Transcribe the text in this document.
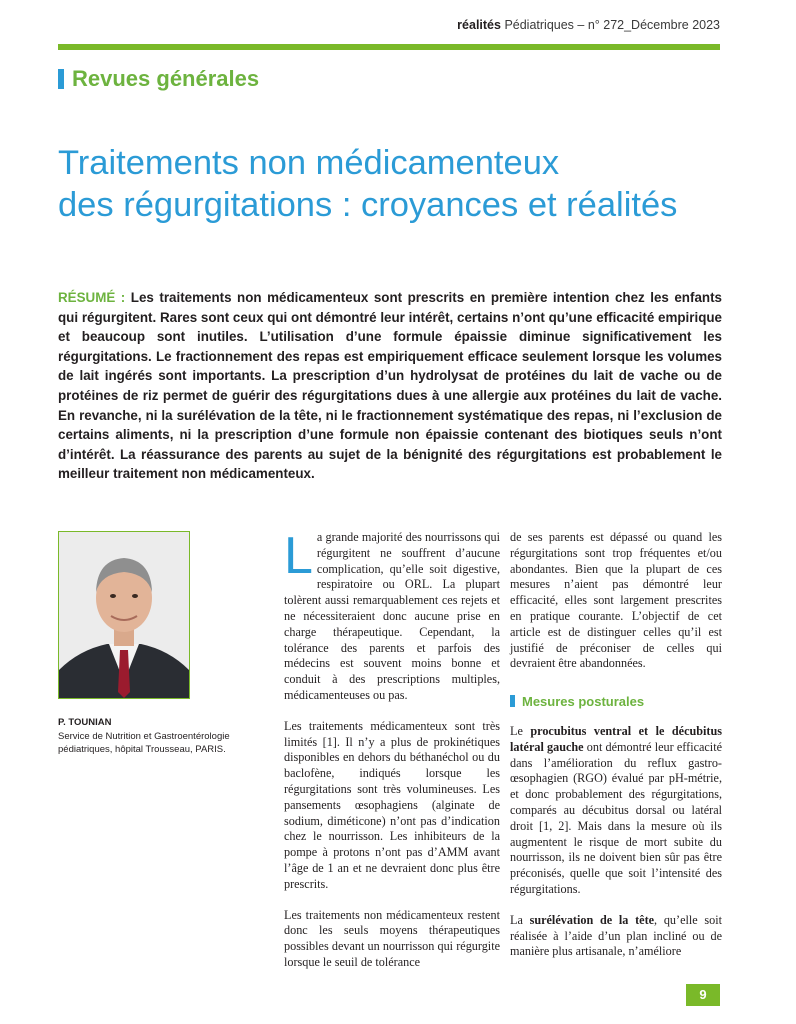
réalités Pédiatriques – n° 272_Décembre 2023
Revues générales
Traitements non médicamenteux
des régurgitations : croyances et réalités
RÉSUMÉ : Les traitements non médicamenteux sont prescrits en première intention chez les enfants qui régurgitent. Rares sont ceux qui ont démontré leur intérêt, certains n’ont qu’une efficacité empirique et beaucoup sont inutiles. L’utilisation d’une formule épaissie diminue significativement les régurgitations. Le fractionnement des repas est empiriquement efficace seulement lorsque les volumes de lait ingérés sont importants. La prescription d’un hydrolysat de protéines du lait de vache ou de protéines de riz permet de guérir des régurgitations dues à une allergie aux protéines du lait de vache. En revanche, ni la surélévation de la tête, ni le fractionnement systématique des repas, ni l’exclusion de certains aliments, ni la prescription d’une formule non épaissie contenant des biotiques seuls n’ont d’intérêt. La réassurance des parents au sujet de la bénignité des régurgitations est probablement le meilleur traitement non médicamenteux.
P. TOUNIAN
Service de Nutrition et Gastroentérologie pédiatriques, hôpital Trousseau, PARIS.

La grande majorité des nourrissons qui régurgitent ne souffrent d’aucune complication, qu’elle soit digestive, respiratoire ou ORL. La plupart tolèrent aussi remarquablement ces rejets et ne nécessiteraient donc aucune prise en charge thérapeutique. Cependant, la tolérance des parents et parfois des médecins est souvent moins bonne et conduit à des prescriptions multiples, médicamenteuses ou pas.

Les traitements médicamenteux sont très limités [1]. Il n’y a plus de prokinétiques disponibles en dehors du béthanéchol ou du baclofène, indiqués lorsque les régurgitations sont très volumineuses. Les pansements œsophagiens (alginate de sodium, diméticone) n’ont pas d’indication chez le nourrisson. Les inhibiteurs de la pompe à protons n’ont pas d’AMM avant l’âge de 1 an et ne devraient donc plus être prescrits.

Les traitements non médicamenteux restent donc les seuls moyens thérapeutiques possibles devant un nourrisson qui régurgite lorsque le seuil de tolérance

de ses parents est dépassé ou quand les régurgitations sont trop fréquentes et/ou abondantes. Bien que la plupart de ces mesures n’aient pas démontré leur efficacité, elles sont largement prescrites en pratique courante. L’objectif de cet article est de distinguer celles qu’il est justifié de préconiser de celles qui devraient être abandonnées.

Mesures posturales

Le procubitus ventral et le décubitus latéral gauche ont démontré leur efficacité dans l’amélioration du reflux gastro-œsophagien (RGO) évalué par pH-métrie, et donc probablement des régurgitations, comparés au décubitus dorsal ou latéral droit [1, 2]. Mais dans la mesure où ils augmentent le risque de mort subite du nourrisson, ils ne doivent bien sûr pas être préconisés, quelle que soit l’intensité des régurgitations.

La surélévation de la tête, qu’elle soit réalisée à l’aide d’un plan incliné ou de manière plus artisanale, n’améliore

9
